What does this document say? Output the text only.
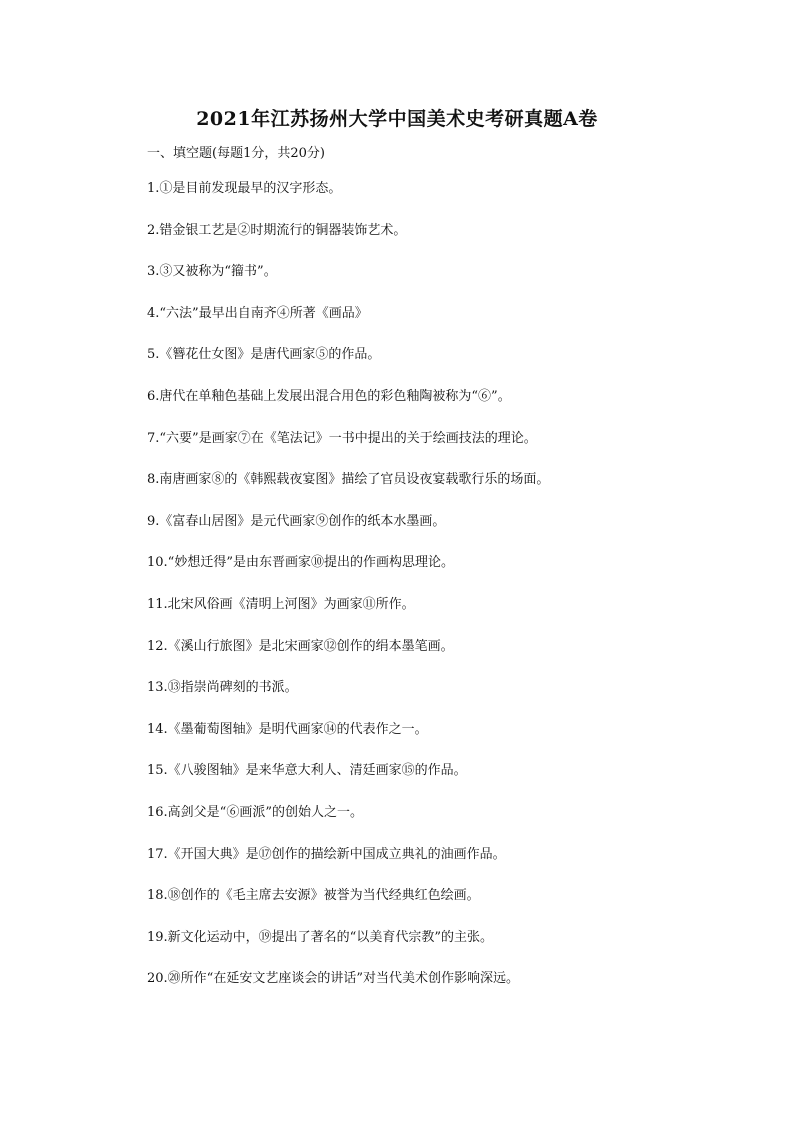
2021年江苏扬州大学中国美术史考研真题A卷
一、填空题(每题1分，共20分)
1.①是目前发现最早的汉字形态。
2.错金银工艺是②时期流行的铜器装饰艺术。
3.③又被称为“籀书”。
4.“六法”最早出自南齐④所著《画品》
5.《簪花仕女图》是唐代画家⑤的作品。
6.唐代在单釉色基础上发展出混合用色的彩色釉陶被称为“⑥”。
7.“六要”是画家⑦在《笔法记》一书中提出的关于绘画技法的理论。
8.南唐画家⑧的《韩熙载夜宴图》描绘了官员设夜宴载歌行乐的场面。
9.《富春山居图》是元代画家⑨创作的纸本水墨画。
10.“妙想迁得”是由东晋画家⑩提出的作画构思理论。
11.北宋风俗画《清明上河图》为画家⑪所作。
12.《溪山行旅图》是北宋画家⑫创作的绢本墨笔画。
13.⑬指崇尚碑刻的书派。
14.《墨葡萄图轴》是明代画家⑭的代表作之一。
15.《八骏图轴》是来华意大利人、清廷画家⑮的作品。
16.高剑父是“⑥画派”的创始人之一。
17.《开国大典》是⑰创作的描绘新中国成立典礼的油画作品。
18.⑱创作的《毛主席去安源》被誉为当代经典红色绘画。
19.新文化运动中，⑲提出了著名的“以美育代宗教”的主张。
20.⑳所作“在延安文艺座谈会的讲话”对当代美术创作影响深远。
